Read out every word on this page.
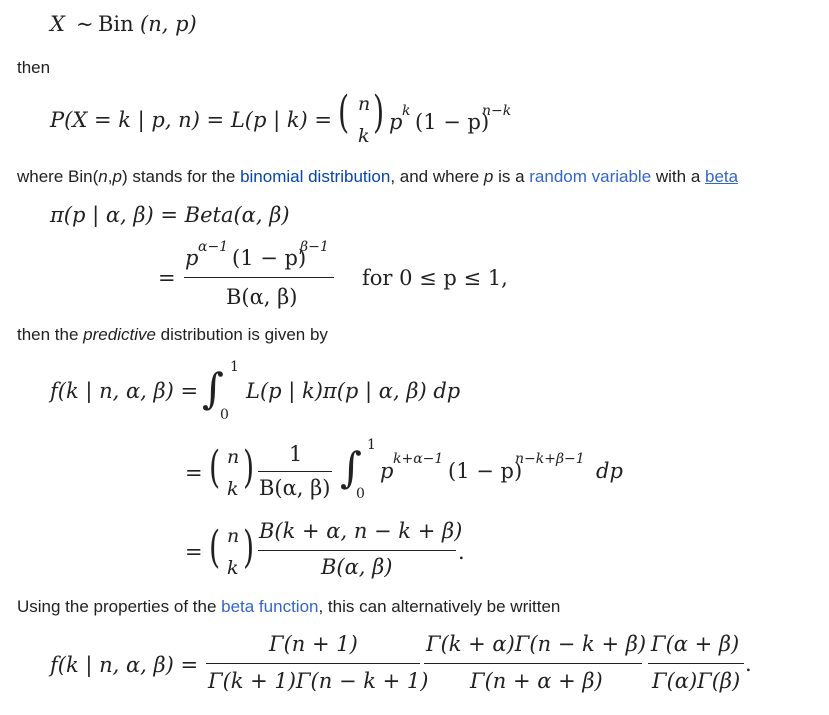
X ∼ Bin (n, p)
then
P(X = k | p, n) = L(p | k) = ( n
k ) p k (1 − p)
n−k
where Bin(n,p) stands for the binomial distribution, and where p is a random variable with a beta
π(p | α, β) = Beta(α, β)
=
p α−1 (1 − p)
β−1
B(α, β)
for 0 ≤ p ≤ 1,
then the predictive distribution is given by
f(k | n, α, β) = ∫ 1
0
L(p | k)π(p | α, β) dp
= ( n
k ) 1
B(α, β) ∫ 1
0
p k+α−1 (1 − p)
n−k+β−1 dp
= ( n
k ) B(k + α, n − k + β)
B(α, β)
.
Using the properties of the beta function, this can alternatively be written
f(k | n, α, β) =
Γ(n + 1)
Γ(k + 1)Γ(n − k + 1)
Γ(k + α)Γ(n − k + β)
Γ(n + α + β)
Γ(α + β)
Γ(α)Γ(β)
.
